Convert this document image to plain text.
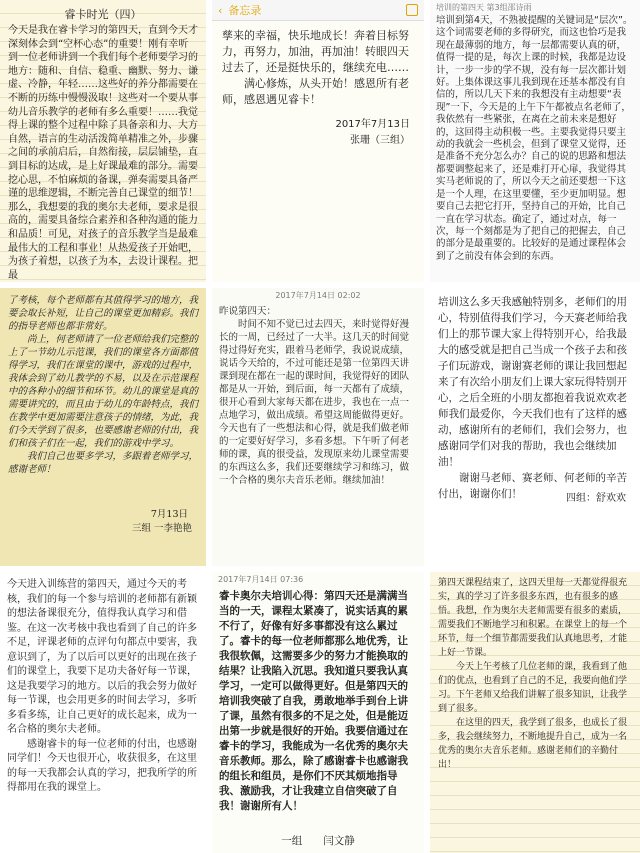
睿卡时光（四）
今天是我在睿卡学习的第四天，直到今天才深刻体会到“空杯心态”的重要！刚有幸听到一位老师讲到一个我们每个老师要学习的地方：随和、自信、稳重、幽默、努力、谦虚、冷静，年轻……这些好的养分都需要在不断的历练中慢慢汲取！这些对一个要从事幼儿音乐教学的老师有多么重要！……我觉得上课的整个过程中除了具备亲和力、大方自然，语言的生动活泼简单精准之外，步骤之间的承前启后，自然衔接，层层铺垫，直到目标的达成，是上好课最难的部分。需要挖心思，不怕麻烦的备课，弹奏需要具备严谨的思维逻辑，不断完善自己课堂的细节！那么，我想要的我的奥尔夫老师，要求是很高的，需要具备综合素养和各种沟通的能力和品质！可见，对孩子的音乐教学当是最难最伟大的工程和事业！从热爱孩子开始吧，为孩子着想，以孩子为本，去设计课程。把最
‹ 备忘录
孳来的幸福，快乐地成长！奔着目标努力，再努力，加油，再加油！转眼四天过去了，还是挺快乐的，继续充电……
　　满心修炼，从头开始！感恩所有老师，感恩遇见睿卡！
2017年7月13日
张珊（三组）
培训的第四天 第3组邵诗雨
培训到第4天，不熟被提醒的关键词是“层次”。这个词需要老师的多得研究，而这也恰巧是我现在最薄弱的地方，每一层都需要认真的研，值得一提的是，每次上课的时候，我都是边设计，一步一步的学不规，没有每一层次都计划好。上集体课这事儿我到现在还基本都没有自信的，所以几天下来的我想没有主动想要“表现”一下，今天是的上午下午都被点名老师了，我依然有一些紧张，在离在之前未来是想好的，这回得主动积极一些。主要我觉得只要主动的我就会一些机会，但到了课堂又觉得，还是准备不充分怎么办？自己的说的思路和想法都要调整起来了，还是难打开心扉，我觉得其实马老师说的了，所以今天之前还要想一下这是一个人理，在这里要懂，至少更加明显。想要自己去把它打开，坚持自己的开始，比自己一直在学习状态。确定了，通过对点，每一次，每一个刻都是为了把自己的把握去，自己的部分是最重要的。比较好的是通过课程体会到了之前没有体会到的东西。
了考核，每个老师都有其值得学习的地方，我要会取长补短，让自己的课堂更加精彩。我们的指导老师也都非常好。
　　尚上，何老师请了一位老师给我们完整的上了一节幼儿示范课，我们的课堂各方面都值得学习，我们在课堂的课中，游戏的过程中，我体会到了幼儿教学的不易，以及在示范课程中的各种小的细节和环节。幼儿的课堂是真的需要讲究的，而且由于幼儿的年龄特点，我们在教学中更加需要注意孩子的情绪，为此，我们今天学到了很多，也要感谢老师的付出，我们和孩子们在一起，我们的游戏中学习。
　　我们自己也要多学习，多跟着老师学习，感谢老师！
7月13日
三组 一李艳艳
2017年7月14日 02:02
昨说第四天：
　　时间不知不觉已过去四天，来时觉得好漫长的一周，已经过了一大半。这几天的时间觉得过得好充实，跟着马老师学，我说说成绩，说话今天给的，不过可能还是第一位第四天讲课到现在都在一起的课时间，我觉得好的团队都是从一开始，到后面，每一天都有了成绩，很开心看到大家每天都在进步，我也在一点一点地学习，做出成绩。希望这周能做得更好。今天也有了一些想法和心得，就是我们做老师的一定要好好学习，多看多想。下午听了何老师的课，真的很受益，发现原来幼儿课堂需要的东西这么多，我们还要继续学习和练习，做一个合格的奥尔夫音乐老师。继续加油！
培训这么多天我感触特别多，老师们的用心，特别值得我们学习，今天赛老师给我们上的那节课大家上得特别开心，给我最大的感受就是把自己当成一个孩子去和孩子们玩游戏，谢谢赛老师的课让我回想起来了有次给小朋友们上课大家玩得特别开心，之后全班的小朋友都抱着我说欢欢老师我们最爱你，今天我们也有了这样的感动，感谢所有的老师们，我们会努力，也感谢同学们对我的帮助，我也会继续加油！
　　谢谢马老师、赛老师、何老师的辛苦付出，谢谢你们！	四组：舒欢欢
今天进入训练营的第四天，通过今天的考核，我们的每一个参与培训的老师都有新颖的想法备课很充分，值得我认真学习和借鉴。在这一次考核中我也看到了自己的许多不足，评课老师的点评句句都点中要害，我意识到了，为了以后可以更好的出现在孩子们的课堂上，我要下足功夫备好每一节课，这是我要学习的地方。以后的我会努力做好每一节课，也会用更多的时间去学习，多听多看多练，让自己更好的成长起来，成为一名合格的奥尔夫老师。
　　感谢睿卡的每一位老师的付出，也感谢同学们！今天也很开心，收获很多，在这里的每一天我都会认真的学习，把我所学的所得都用在我的课堂上。
2017年7月14日 07:36
睿卡奥尔夫培训心得：第四天还是满满当当的一天，课程太紧凑了，说实话真的累不行了，好像有好多事都没有这么累过了。睿卡的每一位老师都那么地优秀，让我很软佩，这需要多少的努力才能换取的结果？让我陷入沉思。我知道只要我认真学习，一定可以做得更好。但是第四天的培训我突破了自我，勇敢地举手到台上讲了课，虽然有很多的不足之处，但是能迈出第一步就是很好的开始。我要信通过在睿卡的学习，我能成为一名优秀的奥尔夫音乐教师。那么，除了感谢睿卡也感谢我的组长和组员，是你们不厌其烦地指导我、激励我，才让我建立自信突破了自我！谢谢所有人！
一组　　闫文静
第四天课程结束了，这四天里每一天都觉得很充实，真的学习了许多很多东西，也有很多的感悟。我想，作为奥尔夫老师需要有很多的素质，需要我们不断地学习和积累。在课堂上的每一个环节，每一个细节都需要我们认真地思考，才能上好一节课。
　　今天上午考核了几位老师的课，我看到了他们的优点，也看到了自己的不足，我要向他们学习。下午老师又给我们讲解了很多知识，让我学到了很多。
　　在这里的四天，我学到了很多，也成长了很多，我会继续努力，不断地提升自己，成为一名优秀的奥尔夫音乐老师。感谢老师们的辛勤付出！
